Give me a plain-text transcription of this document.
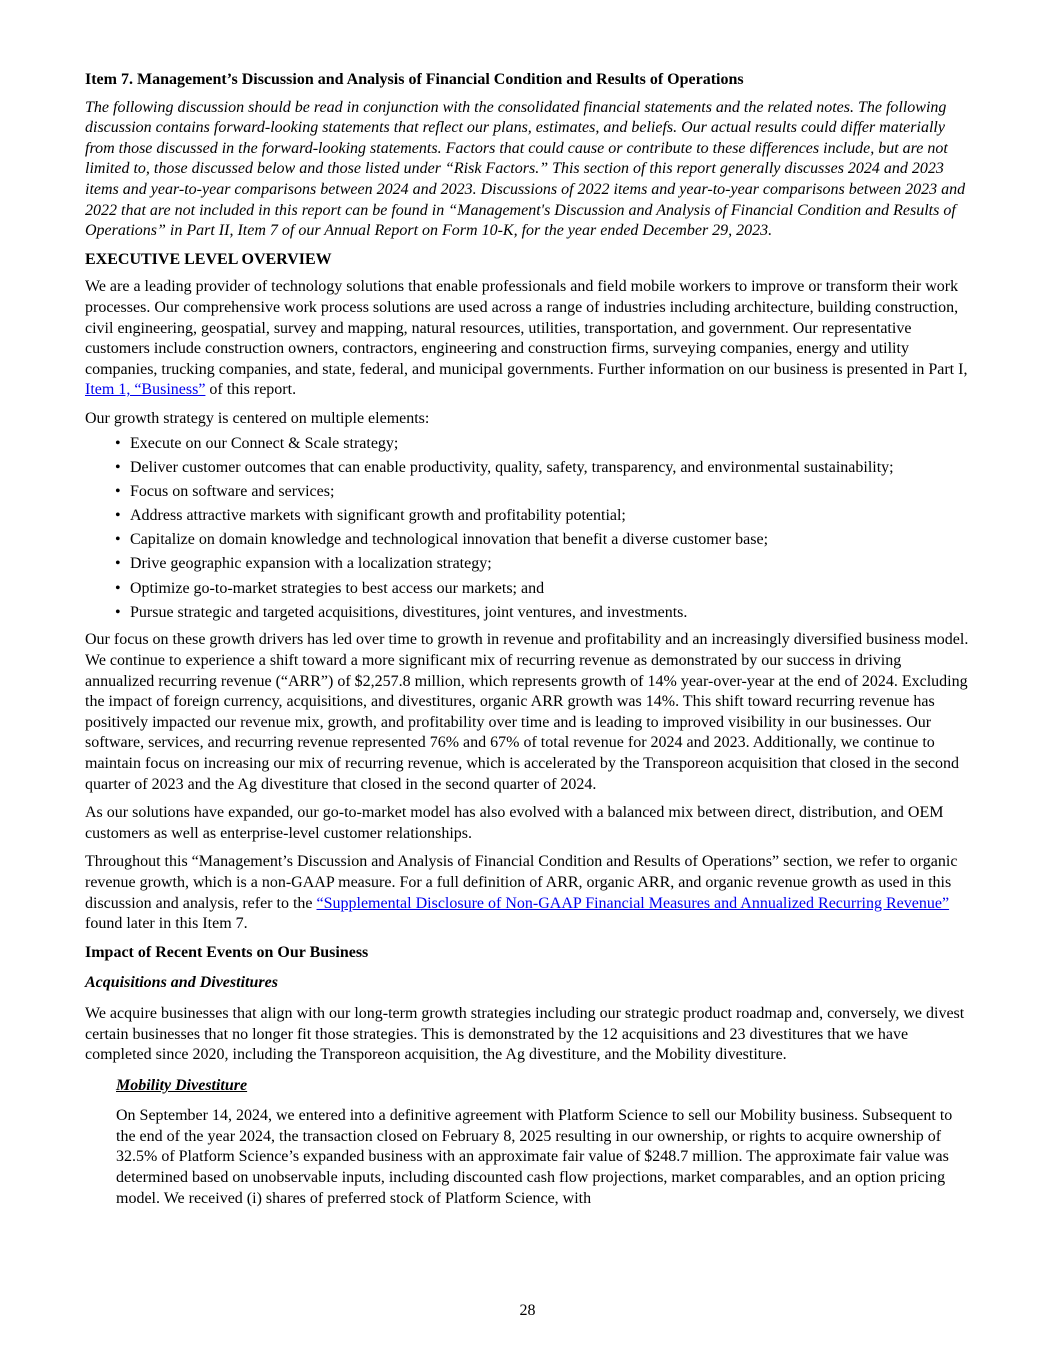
Item 7. Management’s Discussion and Analysis of Financial Condition and Results of Operations

The following discussion should be read in conjunction with the consolidated financial statements and the related notes. The following discussion contains forward-looking statements that reflect our plans, estimates, and beliefs. Our actual results could differ materially from those discussed in the forward-looking statements. Factors that could cause or contribute to these differences include, but are not limited to, those discussed below and those listed under “Risk Factors.” This section of this report generally discusses 2024 and 2023 items and year-to-year comparisons between 2024 and 2023. Discussions of 2022 items and year-to-year comparisons between 2023 and 2022 that are not included in this report can be found in “Management's Discussion and Analysis of Financial Condition and Results of Operations” in Part II, Item 7 of our Annual Report on Form 10-K, for the year ended December 29, 2023.

EXECUTIVE LEVEL OVERVIEW

We are a leading provider of technology solutions that enable professionals and field mobile workers to improve or transform their work processes. Our comprehensive work process solutions are used across a range of industries including architecture, building construction, civil engineering, geospatial, survey and mapping, natural resources, utilities, transportation, and government. Our representative customers include construction owners, contractors, engineering and construction firms, surveying companies, energy and utility companies, trucking companies, and state, federal, and municipal governments. Further information on our business is presented in Part I, Item 1, “Business” of this report.

Our growth strategy is centered on multiple elements:

• Execute on our Connect & Scale strategy;
• Deliver customer outcomes that can enable productivity, quality, safety, transparency, and environmental sustainability;
• Focus on software and services;
• Address attractive markets with significant growth and profitability potential;
• Capitalize on domain knowledge and technological innovation that benefit a diverse customer base;
• Drive geographic expansion with a localization strategy;
• Optimize go-to-market strategies to best access our markets; and
• Pursue strategic and targeted acquisitions, divestitures, joint ventures, and investments.

Our focus on these growth drivers has led over time to growth in revenue and profitability and an increasingly diversified business model. We continue to experience a shift toward a more significant mix of recurring revenue as demonstrated by our success in driving annualized recurring revenue (“ARR”) of $2,257.8 million, which represents growth of 14% year-over-year at the end of 2024. Excluding the impact of foreign currency, acquisitions, and divestitures, organic ARR growth was 14%. This shift toward recurring revenue has positively impacted our revenue mix, growth, and profitability over time and is leading to improved visibility in our businesses. Our software, services, and recurring revenue represented 76% and 67% of total revenue for 2024 and 2023. Additionally, we continue to maintain focus on increasing our mix of recurring revenue, which is accelerated by the Transporeon acquisition that closed in the second quarter of 2023 and the Ag divestiture that closed in the second quarter of 2024.

As our solutions have expanded, our go-to-market model has also evolved with a balanced mix between direct, distribution, and OEM customers as well as enterprise-level customer relationships.

Throughout this “Management’s Discussion and Analysis of Financial Condition and Results of Operations” section, we refer to organic revenue growth, which is a non-GAAP measure. For a full definition of ARR, organic ARR, and organic revenue growth as used in this discussion and analysis, refer to the “Supplemental Disclosure of Non-GAAP Financial Measures and Annualized Recurring Revenue” found later in this Item 7.

Impact of Recent Events on Our Business

Acquisitions and Divestitures

We acquire businesses that align with our long-term growth strategies including our strategic product roadmap and, conversely, we divest certain businesses that no longer fit those strategies. This is demonstrated by the 12 acquisitions and 23 divestitures that we have completed since 2020, including the Transporeon acquisition, the Ag divestiture, and the Mobility divestiture.

Mobility Divestiture

On September 14, 2024, we entered into a definitive agreement with Platform Science to sell our Mobility business. Subsequent to the end of the year 2024, the transaction closed on February 8, 2025 resulting in our ownership, or rights to acquire ownership of 32.5% of Platform Science’s expanded business with an approximate fair value of $248.7 million. The approximate fair value was determined based on unobservable inputs, including discounted cash flow projections, market comparables, and an option pricing model. We received (i) shares of preferred stock of Platform Science, with

28
